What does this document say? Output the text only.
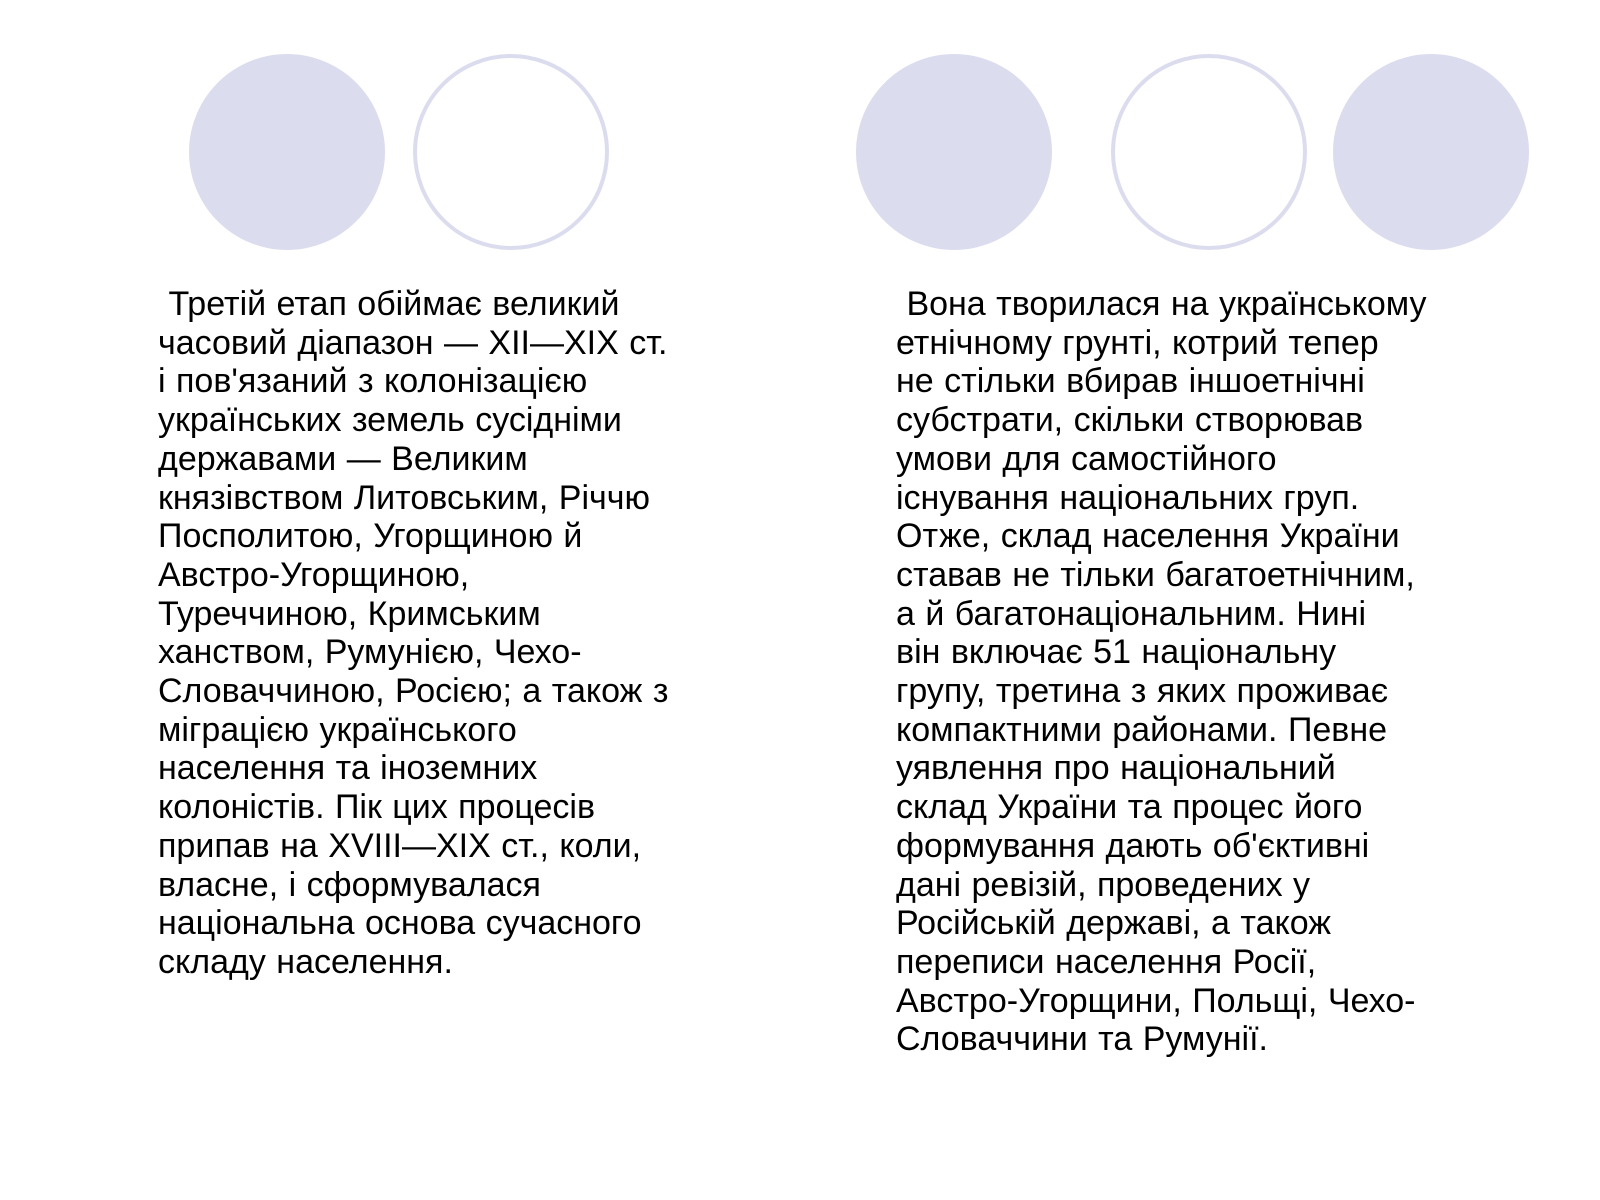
Третій етап обіймає великий
часовий діапазон — XII—XIX ст.
і пов'язаний з колонізацією
українських земель сусідніми
державами — Великим
князівством Литовським, Річчю
Посполитою, Угорщиною й
Австро-Угорщиною,
Туреччиною, Кримським
ханством, Румунією, Чехо-
Словаччиною, Росією; а також з
міграцією українського
населення та іноземних
колоністів. Пік цих процесів
припав на XVIII—XIX ст., коли,
власне, і сформувалася
національна основа сучасного
складу населення.
Вона творилася на українському
етнічному грунті, котрий тепер
не стільки вбирав іншоетнічні
субстрати, скільки створював
умови для самостійного
існування національних груп.
Отже, склад населення України
ставав не тільки багатоетнічним,
а й багатонаціональним. Нині
він включає 51 національну
групу, третина з яких проживає
компактними районами. Певне
уявлення про національний
склад України та процес його
формування дають об'єктивні
дані ревізій, проведених у
Російській державі, а також
переписи населення Росії,
Австро-Угорщини, Польщі, Чехо-
Словаччини та Румунії.
